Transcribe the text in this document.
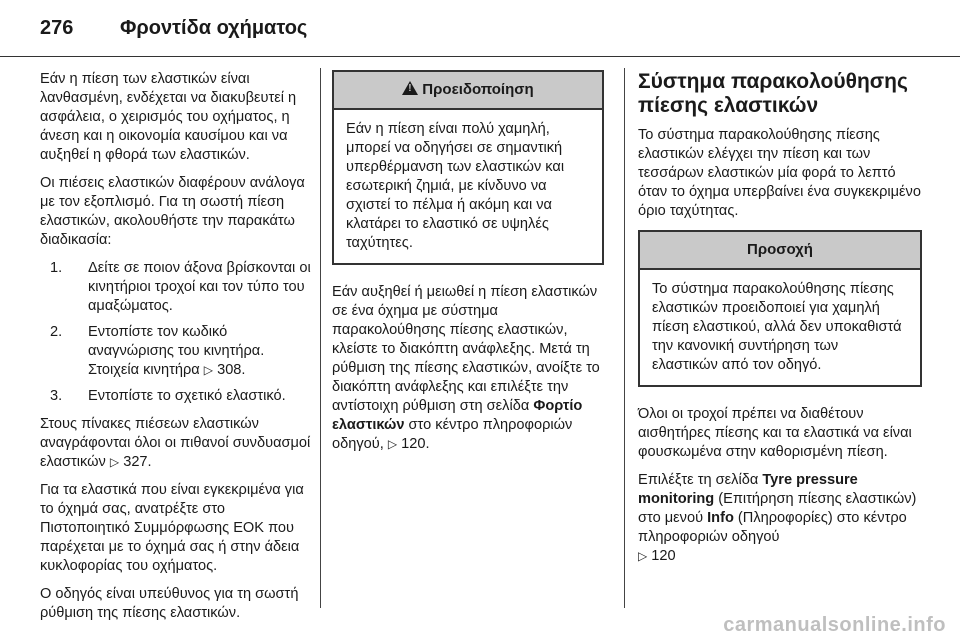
276 Φροντίδα οχήματος

Εάν η πίεση των ελαστικών είναι λανθασμένη, ενδέχεται να διακυβευτεί η ασφάλεια, ο χειρισμός του οχήματος, η άνεση και η οικονομία καυσίμου και να αυξηθεί η φθορά των ελαστικών.

Οι πιέσεις ελαστικών διαφέρουν ανάλογα με τον εξοπλισμό. Για τη σωστή πίεση ελαστικών, ακολουθήστε την παρακάτω διαδικασία:

1. Δείτε σε ποιον άξονα βρίσκονται οι κινητήριοι τροχοί και τον τύπο του αμαξώματος.
2. Εντοπίστε τον κωδικό αναγνώρισης του κινητήρα. Στοιχεία κινητήρα ▷ 308.
3. Εντοπίστε το σχετικό ελαστικό.

Στους πίνακες πιέσεων ελαστικών αναγράφονται όλοι οι πιθανοί συνδυασμοί ελαστικών ▷ 327.

Για τα ελαστικά που είναι εγκεκριμένα για το όχημά σας, ανατρέξτε στο Πιστοποιητικό Συμμόρφωσης ΕΟΚ που παρέχεται με το όχημά σας ή στην άδεια κυκλοφορίας του οχήματος.

Ο οδηγός είναι υπεύθυνος για τη σωστή ρύθμιση της πίεσης ελαστικών.

!Προειδοποίηση
Εάν η πίεση είναι πολύ χαμηλή, μπορεί να οδηγήσει σε σημαντική υπερθέρμανση των ελαστικών και εσωτερική ζημιά, με κίνδυνο να σχιστεί το πέλμα ή ακόμη και να κλατάρει το ελαστικό σε υψηλές ταχύτητες.

Εάν αυξηθεί ή μειωθεί η πίεση ελαστικών σε ένα όχημα με σύστημα παρακολούθησης πίεσης ελαστικών, κλείστε το διακόπτη ανάφλεξης. Μετά τη ρύθμιση της πίεσης ελαστικών, ανοίξτε το διακόπτη ανάφλεξης και επιλέξτε την αντίστοιχη ρύθμιση στη σελίδα Φορτίο ελαστικών στο κέντρο πληροφοριών οδηγού, ▷ 120.

Σύστημα παρακολούθησης πίεσης ελαστικών

Το σύστημα παρακολούθησης πίεσης ελαστικών ελέγχει την πίεση και των τεσσάρων ελαστικών μία φορά το λεπτό όταν το όχημα υπερβαίνει ένα συγκεκριμένο όριο ταχύτητας.

Προσοχή
Το σύστημα παρακολούθησης πίεσης ελαστικών προειδοποιεί για χαμηλή πίεση ελαστικού, αλλά δεν υποκαθιστά την κανονική συντήρηση των ελαστικών από τον οδηγό.

Όλοι οι τροχοί πρέπει να διαθέτουν αισθητήρες πίεσης και τα ελαστικά να είναι φουσκωμένα στην καθορισμένη πίεση.

Επιλέξτε τη σελίδα Tyre pressure monitoring (Επιτήρηση πίεσης ελαστικών) στο μενού Info (Πληροφορίες) στο κέντρο πληροφοριών οδηγού
▷ 120

carmanualsonline.info
